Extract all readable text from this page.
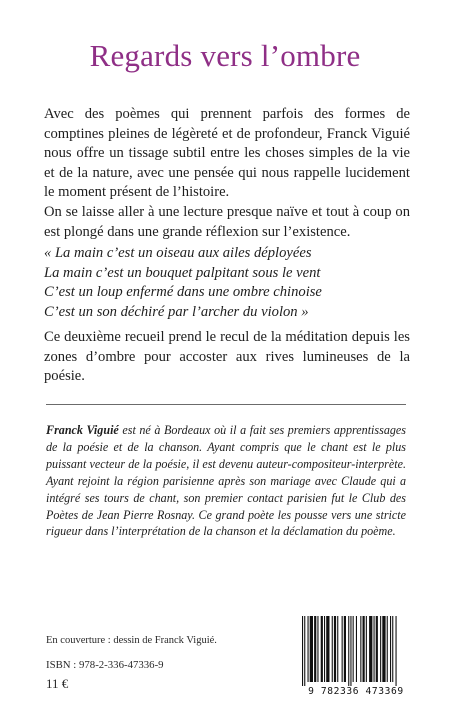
Regards vers l’ombre

Avec des poèmes qui prennent parfois des formes de comptines pleines de légèreté et de profondeur, Franck Viguié nous offre un tissage subtil entre les choses simples de la vie et de la nature, avec une pensée qui nous rappelle lucidement le moment présent de l’histoire.

On se laisse aller à une lecture presque naïve et tout à coup on est plongé dans une grande réflexion sur l’existence.

« La main c’est un oiseau aux ailes déployées
La main c’est un bouquet palpitant sous le vent
C’est un loup enfermé dans une ombre chinoise
C’est un son déchiré par l’archer du violon »
Ce deuxième recueil prend le recul de la méditation depuis les zones d’ombre pour accoster aux rives lumineuses de la poésie.
Franck Viguié est né à Bordeaux où il a fait ses premiers apprentissages de la poésie et de la chanson. Ayant compris que le chant est le plus puissant vecteur de la poésie, il est devenu auteur-compositeur-interprète. Ayant rejoint la région parisienne après son mariage avec Claude qui a intégré ses tours de chant, son premier contact parisien fut le Club des Poètes de Jean Pierre Rosnay. Ce grand poète les pousse vers une stricte rigueur dans l’interprétation de la chanson et la déclamation du poème.
En couverture : dessin de Franck Viguié.
ISBN : 978-2-336-47336-9
11 €
9 782336 473369
